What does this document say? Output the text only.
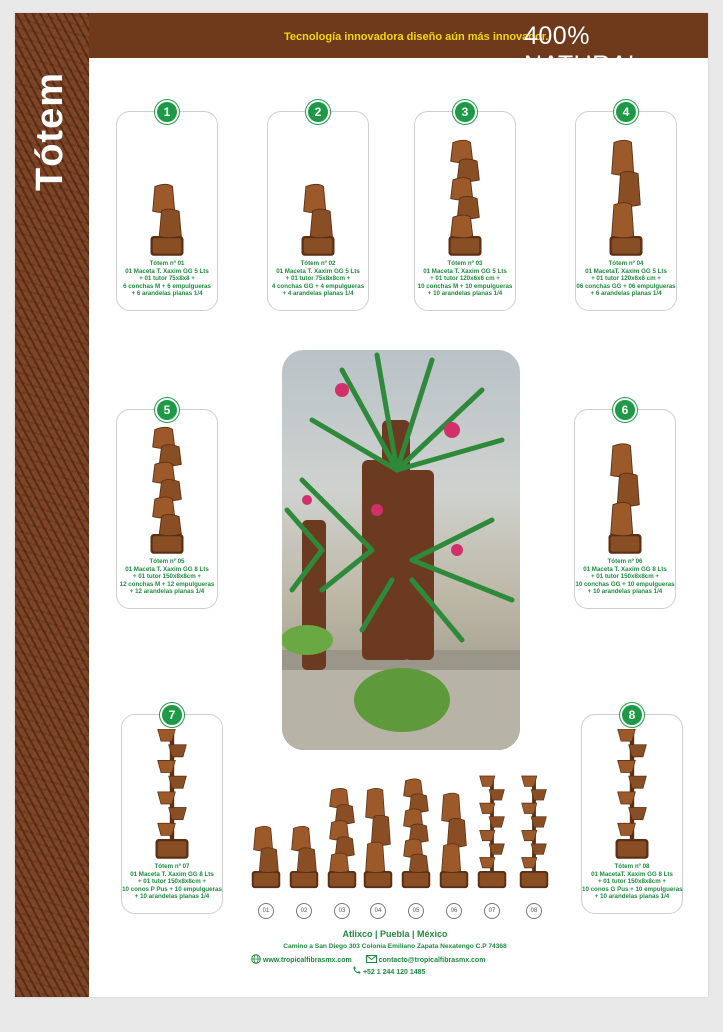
Tótem
Tecnología innovadora diseño aún más innovador.
400% NATURAL
1
Tótem nº 01
01 Maceta T. Xaxim GG 5 Lts
+ 01 tutor 75x8x8 +
6 conchas M + 6 empulgueras
+ 6 arandelas planas 1/4
2
Tótem nº 02
01 Maceta T. Xaxim GG 5 Lts
+ 01 tutor 75x8x8cm +
4 conchas GG + 4 empulgueras
+ 4 arandelas planas 1/4
3
Tótem nº 03
01 Maceta T. Xaxim GG 5 Lts
+ 01 tutor 120x6x6 cm +
10 conchas M + 10 empulgueras
+ 10 arandelas planas 1/4
4
Tótem nº 04
01 MacetaT. Xaxim GG 5 Lts
+ 01 tutor 120x6x6 cm +
06 conchas GG + 06 empulgueras
+ 6 arandelas planas 1/4
5
Tótem nº 05
01 Maceta T. Xaxim GG 8 Lts
+ 01 tutor 150x8x8cm +
12 conchas M + 12 empulgueras
+ 12 arandelas planas 1/4
6
Tótem nº 06
01 Maceta T. Xaxim GG 8 Lts
+ 01 tutor 150x8x8cm +
10 conchas GG + 10 empulgueras
+ 10 arandelas planas 1/4
7
Tótem nº 07
01 Maceta T. Xaxim GG 8 Lts
+ 01 tutor 150x8x8cm +
10 conos P Pus + 10 empulgueras
+ 10 arandelas planas 1/4
8
Tótem nº 08
01 MacetaT. Xaxim GG 8 Lts
+ 01 tutor 150x8x8cm +
10 conos G Pus + 10 empulgueras
+ 10 arandelas planas 1/4
01	02	03	04	05	06	07	08
Atlixco | Puebla | México
Camino a San Diego 303 Colonia Emiliano Zapata Nexatengo C.P 74368
www.tropicalfibrasmx.com	contacto@tropicalfibrasmx.com
+52 1 244 120 1485
